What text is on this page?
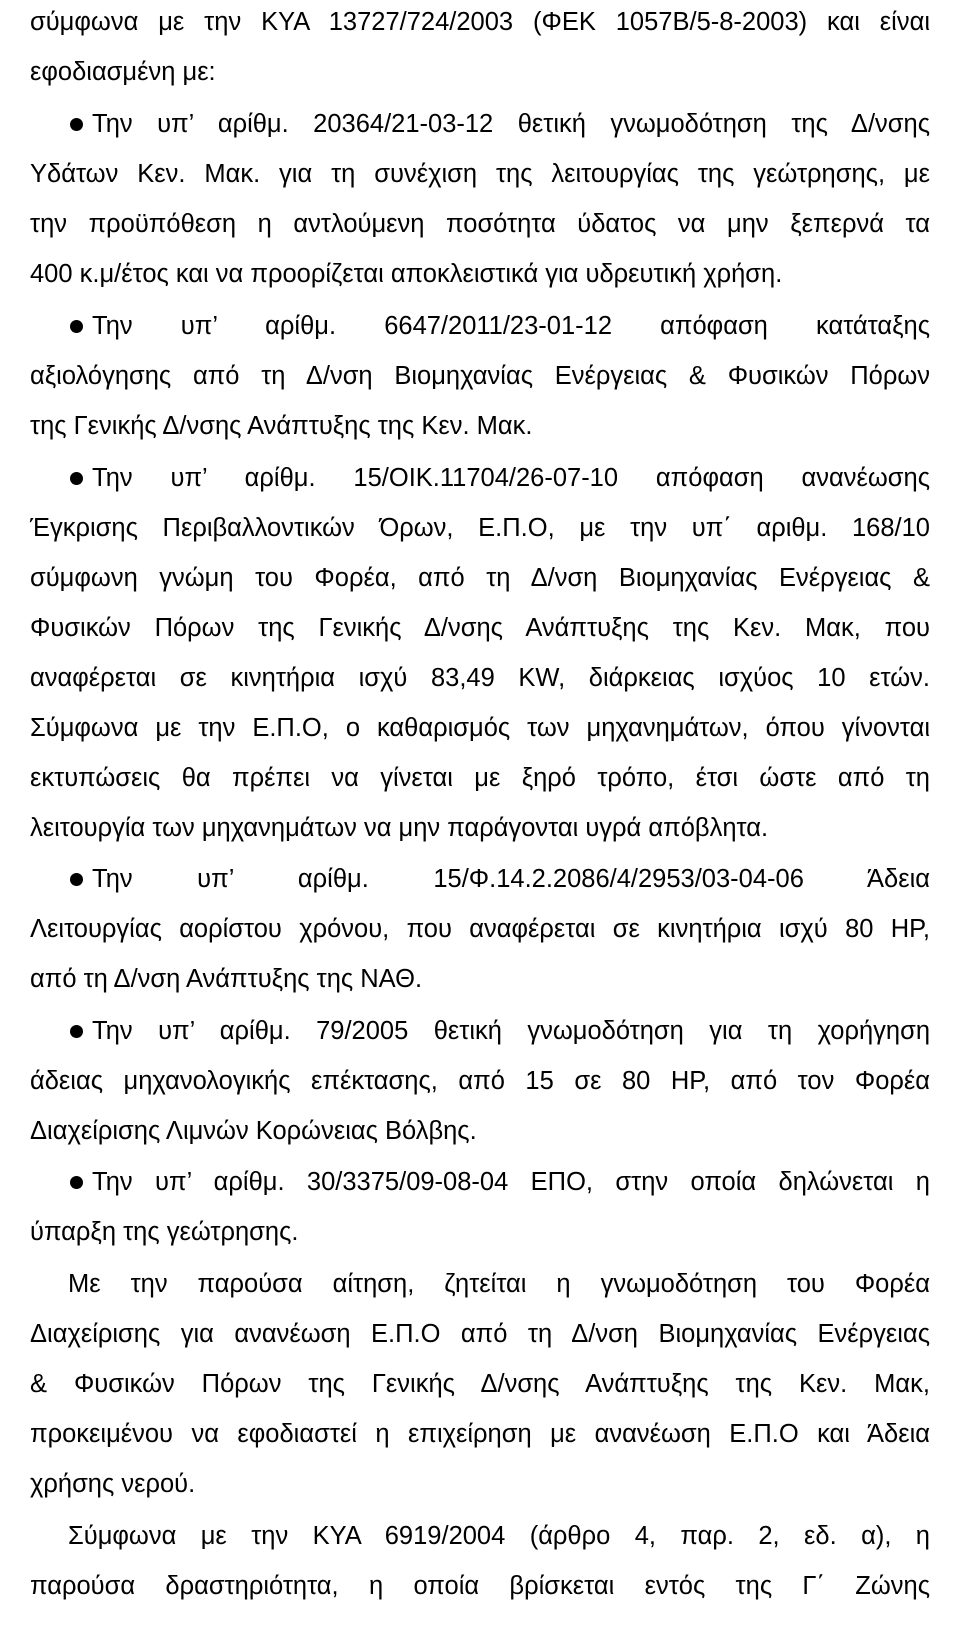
σύμφωνα με την ΚΥΑ 13727/724/2003 (ΦΕΚ 1057Β/5-8-2003) και είναι
εφοδιασμένη με:
Την υπ’ αρίθμ. 20364/21-03-12 θετική γνωμοδότηση της Δ/νσης
Υδάτων Κεν. Μακ. για τη συνέχιση της λειτουργίας της γεώτρησης, με
την προϋπόθεση η αντλούμενη ποσότητα ύδατος να μην ξεπερνά τα
400 κ.μ/έτος και να προορίζεται αποκλειστικά για υδρευτική χρήση.
Την υπ’ αρίθμ. 6647/2011/23-01-12 απόφαση κατάταξης
αξιολόγησης από τη Δ/νση Βιομηχανίας Ενέργειας & Φυσικών Πόρων
της Γενικής Δ/νσης Ανάπτυξης της Κεν. Μακ.
Την υπ’ αρίθμ. 15/ΟΙΚ.11704/26-07-10 απόφαση ανανέωσης
Έγκρισης Περιβαλλοντικών Όρων, Ε.Π.Ο, με την υπ΄ αριθμ. 168/10
σύμφωνη γνώμη του Φορέα, από τη Δ/νση Βιομηχανίας Ενέργειας &
Φυσικών Πόρων της Γενικής Δ/νσης Ανάπτυξης της Κεν. Μακ, που
αναφέρεται σε κινητήρια ισχύ 83,49 KW, διάρκειας ισχύος 10 ετών.
Σύμφωνα με την Ε.Π.Ο, ο καθαρισμός των μηχανημάτων, όπου γίνονται
εκτυπώσεις θα πρέπει να γίνεται με ξηρό τρόπο, έτσι ώστε από τη
λειτουργία των μηχανημάτων να μην παράγονται υγρά απόβλητα.
Την υπ’ αρίθμ. 15/Φ.14.2.2086/4/2953/03-04-06 Άδεια
Λειτουργίας αορίστου χρόνου, που αναφέρεται σε κινητήρια ισχύ 80 HP,
από τη Δ/νση Ανάπτυξης της ΝΑΘ.
Την υπ’ αρίθμ. 79/2005 θετική γνωμοδότηση για τη χορήγηση
άδειας μηχανολογικής επέκτασης, από 15 σε 80 HP, από τον Φορέα
Διαχείρισης Λιμνών Κορώνειας Βόλβης.
Την υπ’ αρίθμ. 30/3375/09-08-04 ΕΠΟ, στην οποία δηλώνεται η
ύπαρξη της γεώτρησης.
Με την παρούσα αίτηση, ζητείται η γνωμοδότηση του Φορέα
Διαχείρισης για ανανέωση Ε.Π.Ο από τη Δ/νση Βιομηχανίας Ενέργειας
& Φυσικών Πόρων της Γενικής Δ/νσης Ανάπτυξης της Κεν. Μακ,
προκειμένου να εφοδιαστεί η επιχείρηση με ανανέωση Ε.Π.Ο και Άδεια
χρήσης νερού.
Σύμφωνα με την ΚΥΑ 6919/2004 (άρθρο 4, παρ. 2, εδ. α), η
παρούσα δραστηριότητα, η οποία βρίσκεται εντός της Γ΄ Ζώνης
